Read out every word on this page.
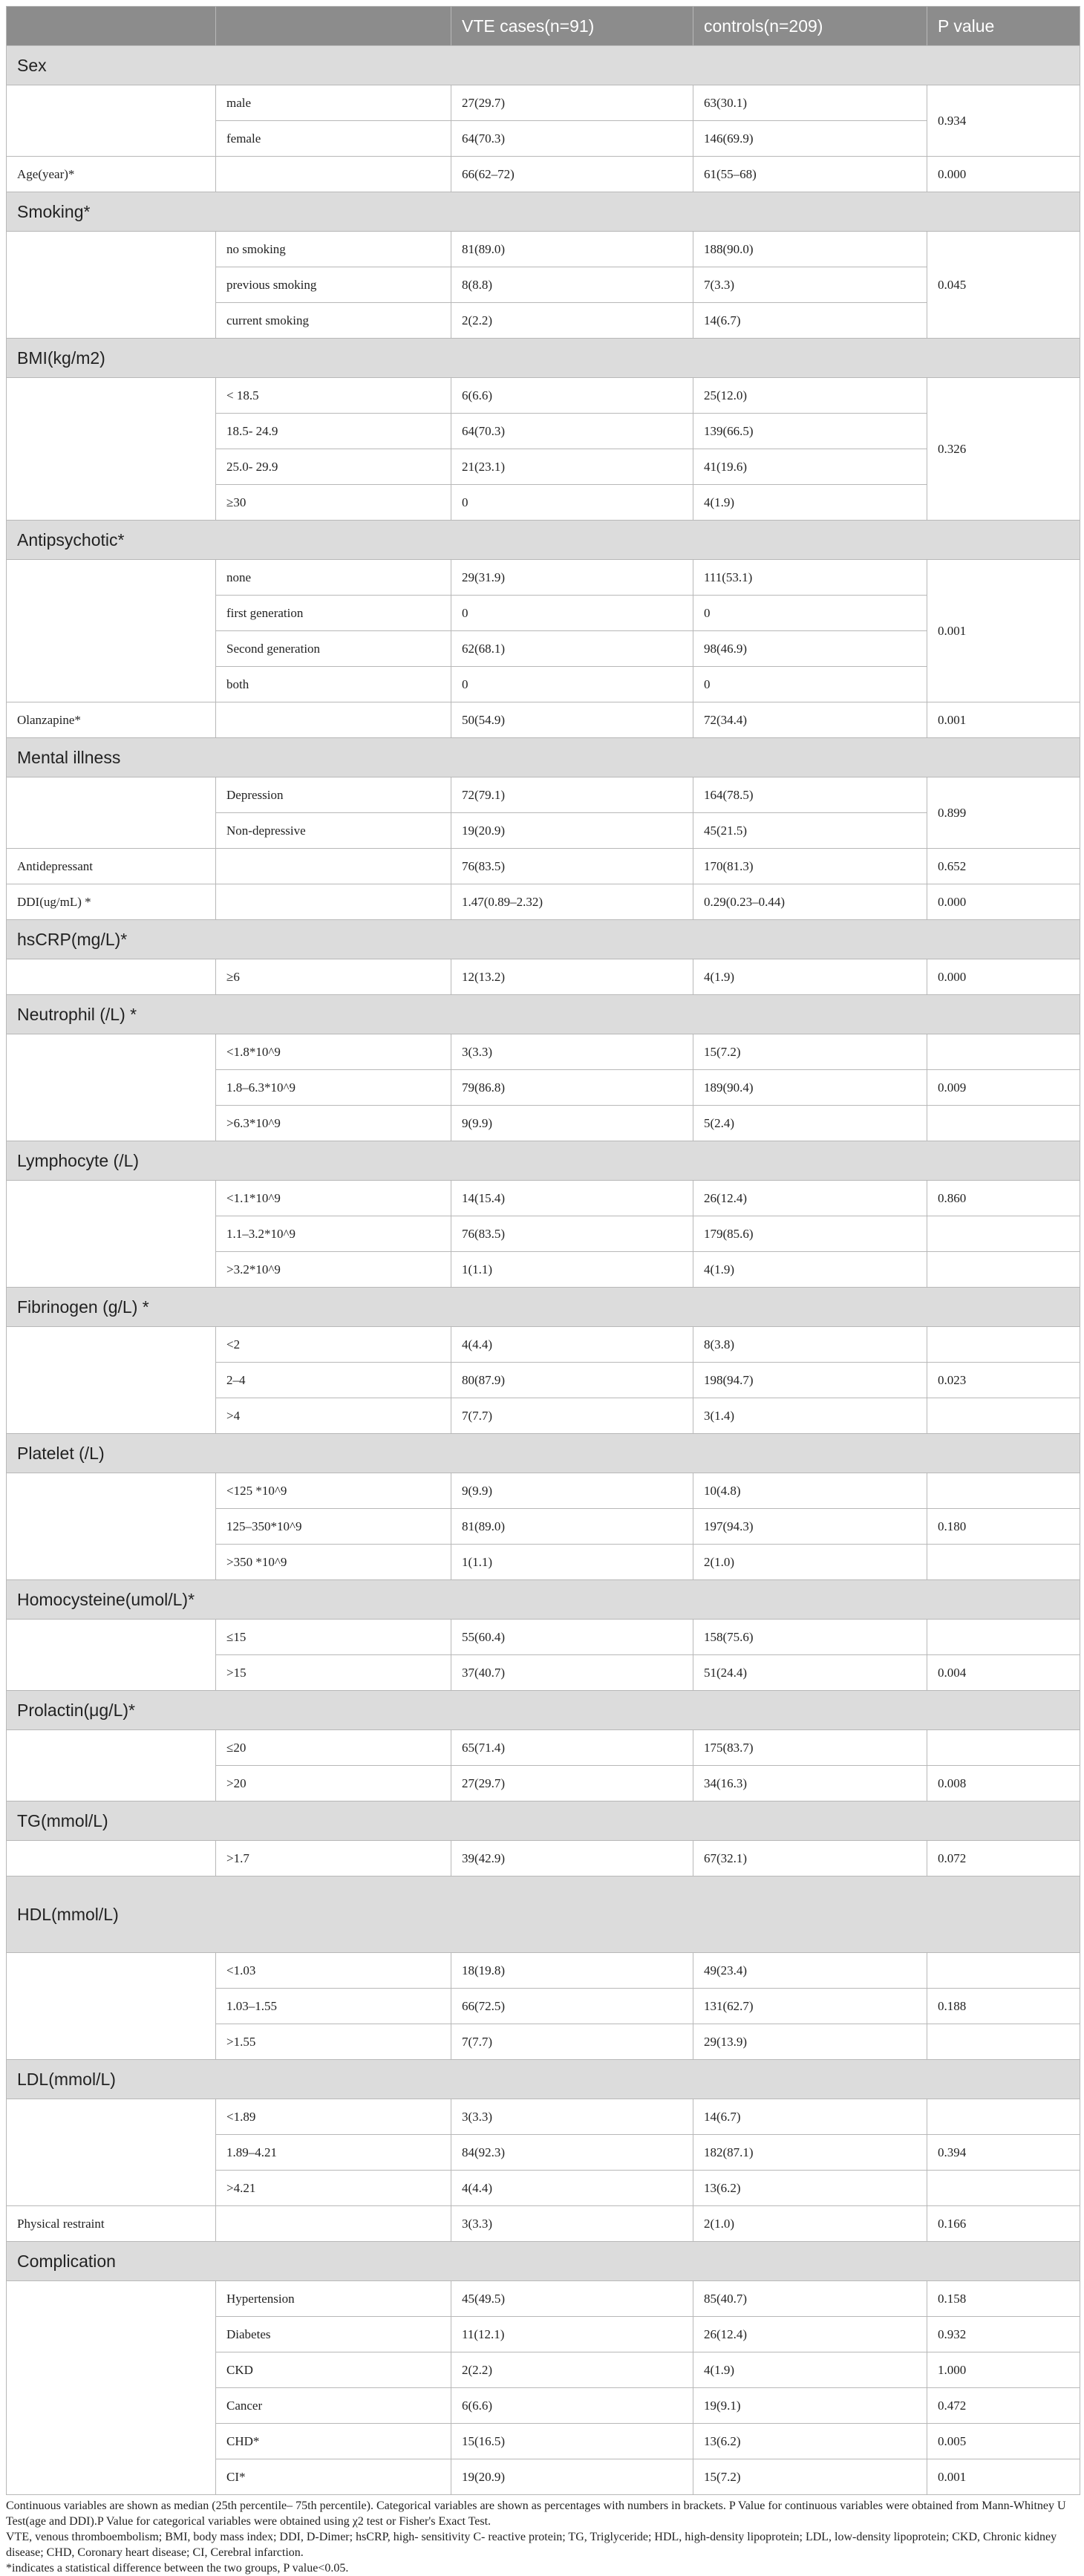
		VTE cases(n=91)	controls(n=209)	P value
Sex				
	male	27(29.7)	63(30.1)	0.934
	female	64(70.3)	146(69.9)	
Age(year)*		66(62–72)	61(55–68)	0.000
Smoking*				
	no smoking	81(89.0)	188(90.0)	0.045
	previous smoking	8(8.8)	7(3.3)	
	current smoking	2(2.2)	14(6.7)	
BMI(kg/m2)				
	< 18.5	6(6.6)	25(12.0)	0.326
	18.5- 24.9	64(70.3)	139(66.5)	
	25.0- 29.9	21(23.1)	41(19.6)	
	≥30	0	4(1.9)	
Antipsychotic*				
	none	29(31.9)	111(53.1)	0.001
	first generation	0	0	
	Second generation	62(68.1)	98(46.9)	
	both	0	0	
Olanzapine*		50(54.9)	72(34.4)	0.001
Mental illness				
	Depression	72(79.1)	164(78.5)	0.899
	Non-depressive	19(20.9)	45(21.5)	
Antidepressant		76(83.5)	170(81.3)	0.652
DDI(ug/mL) *		1.47(0.89–2.32)	0.29(0.23–0.44)	0.000
hsCRP(mg/L)*				
	≥6	12(13.2)	4(1.9)	0.000
Neutrophil (/L) *				
	<1.8*10^9	3(3.3)	15(7.2)	
	1.8–6.3*10^9	79(86.8)	189(90.4)	0.009
	>6.3*10^9	9(9.9)	5(2.4)	
Lymphocyte (/L)				
	<1.1*10^9	14(15.4)	26(12.4)	0.860
	1.1–3.2*10^9	76(83.5)	179(85.6)	
	>3.2*10^9	1(1.1)	4(1.9)	
Fibrinogen (g/L) *				
	<2	4(4.4)	8(3.8)	
	2–4	80(87.9)	198(94.7)	0.023
	>4	7(7.7)	3(1.4)	
Platelet (/L)				
	<125 *10^9	9(9.9)	10(4.8)	
	125–350*10^9	81(89.0)	197(94.3)	0.180
	>350 *10^9	1(1.1)	2(1.0)	
Homocysteine(umol/L)*				
	≤15	55(60.4)	158(75.6)	
	>15	37(40.7)	51(24.4)	0.004
Prolactin(μg/L)*				
	≤20	65(71.4)	175(83.7)	
	>20	27(29.7)	34(16.3)	0.008
TG(mmol/L)				
	>1.7	39(42.9)	67(32.1)	0.072
HDL(mmol/L)				
	<1.03	18(19.8)	49(23.4)	
	1.03–1.55	66(72.5)	131(62.7)	0.188
	>1.55	7(7.7)	29(13.9)	
LDL(mmol/L)				
	<1.89	3(3.3)	14(6.7)	
	1.89–4.21	84(92.3)	182(87.1)	0.394
	>4.21	4(4.4)	13(6.2)	
Physical restraint		3(3.3)	2(1.0)	0.166
Complication				
	Hypertension	45(49.5)	85(40.7)	0.158
	Diabetes	11(12.1)	26(12.4)	0.932
	CKD	2(2.2)	4(1.9)	1.000
	Cancer	6(6.6)	19(9.1)	0.472
	CHD*	15(16.5)	13(6.2)	0.005
	CI*	19(20.9)	15(7.2)	0.001

Continuous variables are shown as median (25th percentile– 75th percentile). Categorical variables are shown as percentages with numbers in brackets. P Value for continuous variables were obtained from Mann-Whitney U Test(age and DDI).P Value for categorical variables were obtained using χ2 test or Fisher's Exact Test.

VTE, venous thromboembolism; BMI, body mass index; DDI, D-Dimer; hsCRP, high- sensitivity C- reactive protein; TG, Triglyceride; HDL, high-density lipoprotein; LDL, low-density lipoprotein; CKD, Chronic kidney disease; CHD, Coronary heart disease; CI, Cerebral infarction.

*indicates a statistical difference between the two groups, P value<0.05.
